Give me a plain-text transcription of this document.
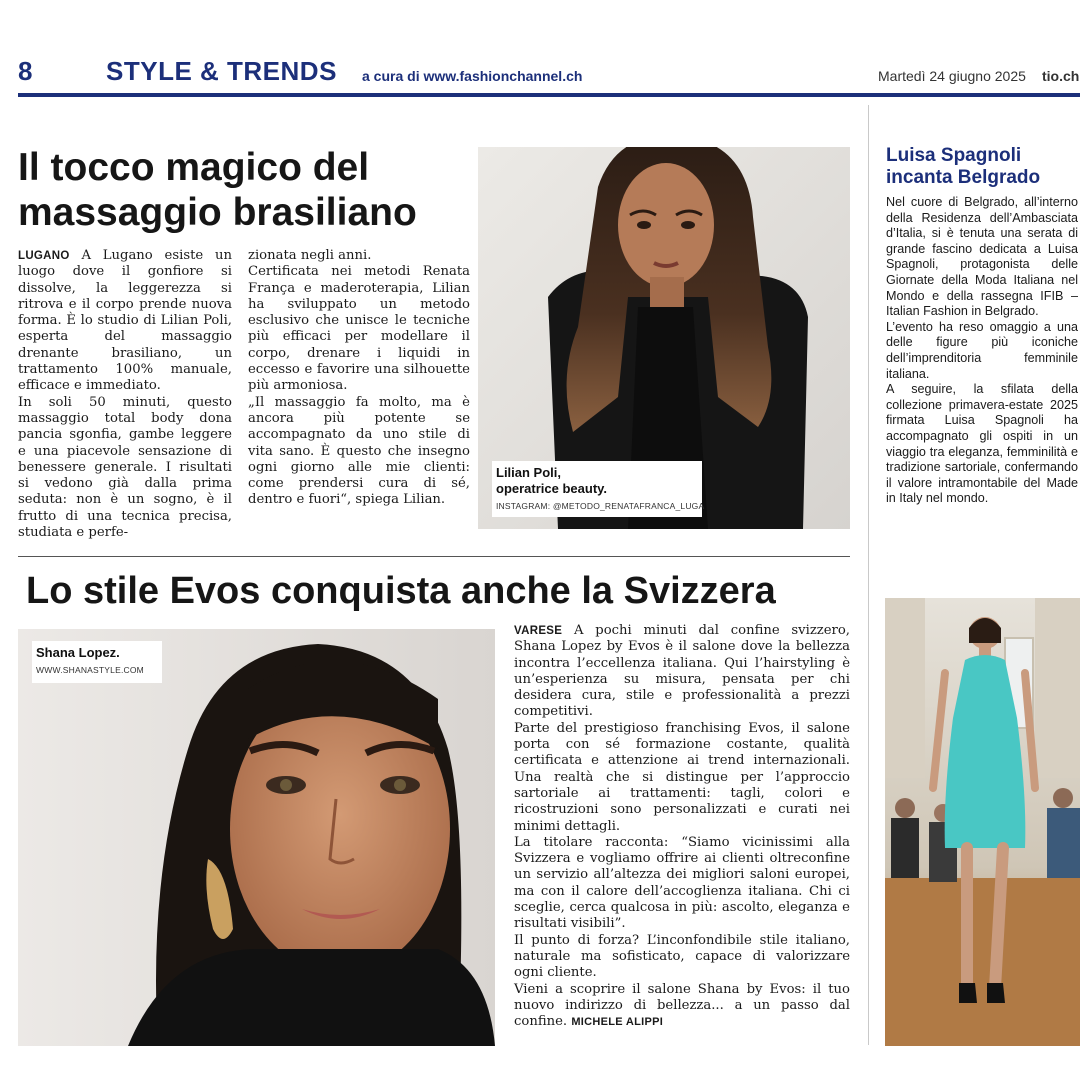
8	STYLE & TRENDS a cura di www.fashionchannel.ch	Martedì 24 giugno 2025 tio.ch
Il tocco magico del massaggio brasiliano

LUGANO A Lugano esiste un luogo dove il gonfiore si dissolve, la leggerezza si ritrova e il corpo prende nuova forma. È lo studio di Lilian Poli, esperta del massaggio drenante brasiliano, un trattamento 100% manuale, efficace e immediato.

In soli 50 minuti, questo massaggio total body dona pancia sgonfia, gambe leggere e una piacevole sensazione di benessere generale. I risultati si vedono già dalla prima seduta: non è un sogno, è il frutto di una tecnica precisa, studiata e perfe-

zionata negli anni.

Certificata nei metodi Renata França e maderoterapia, Lilian ha sviluppato un metodo esclusivo che unisce le tecniche più efficaci per modellare il corpo, drenare i liquidi in eccesso e favorire una silhouette più armoniosa.

„Il massaggio fa molto, ma è ancora più potente se accompagnato da uno stile di vita sano. È questo che insegno ogni giorno alle mie clienti: come prendersi cura di sé, dentro e fuori“, spiega Lilian.

Lilian Poli,
operatrice beauty.
INSTAGRAM: @METODO_RENATAFRANCA_LUGA
Lo stile Evos conquista anche la Svizzera
Shana Lopez.
WWW.SHANASTYLE.COM

VARESE A pochi minuti dal confine svizzero, Shana Lopez by Evos è il salone dove la bellezza incontra l’eccellenza italiana. Qui l’hairstyling è un’esperienza su misura, pensata per chi desidera cura, stile e professionalità a prezzi competitivi.

Parte del prestigioso franchising Evos, il salone porta con sé formazione costante, qualità certificata e attenzione ai trend internazionali. Una realtà che si distingue per l’approccio sartoriale ai trattamenti: tagli, colori e ricostruzioni sono personalizzati e curati nei minimi dettagli.

La titolare racconta: “Siamo vicinissimi alla Svizzera e vogliamo offrire ai clienti oltreconfine un servizio all’altezza dei migliori saloni europei, ma con il calore dell’accoglienza italiana. Chi ci sceglie, cerca qualcosa in più: ascolto, eleganza e risultati visibili”.

Il punto di forza? L’inconfondibile stile italiano, naturale ma sofisticato, capace di valorizzare ogni cliente.

Vieni a scoprire il salone Shana by Evos: il tuo nuovo indirizzo di bellezza... a un passo dal confine. MICHELE ALIPPI

Luisa Spagnoli incanta Belgrado

Nel cuore di Belgrado, all’interno della Residenza dell’Ambasciata d’Italia, si è tenuta una serata di grande fascino dedicata a Luisa Spagnoli, protagonista delle Giornate della Moda Italiana nel Mondo e della rassegna IFIB – Italian Fashion in Belgrado.

L’evento ha reso omaggio a una delle figure più iconiche dell’imprenditoria femminile italiana.

A seguire, la sfilata della collezione primavera-estate 2025 firmata Luisa Spagnoli ha accompagnato gli ospiti in un viaggio tra eleganza, femminilità e tradizione sartoriale, confermando il valore intramontabile del Made in Italy nel mondo.
